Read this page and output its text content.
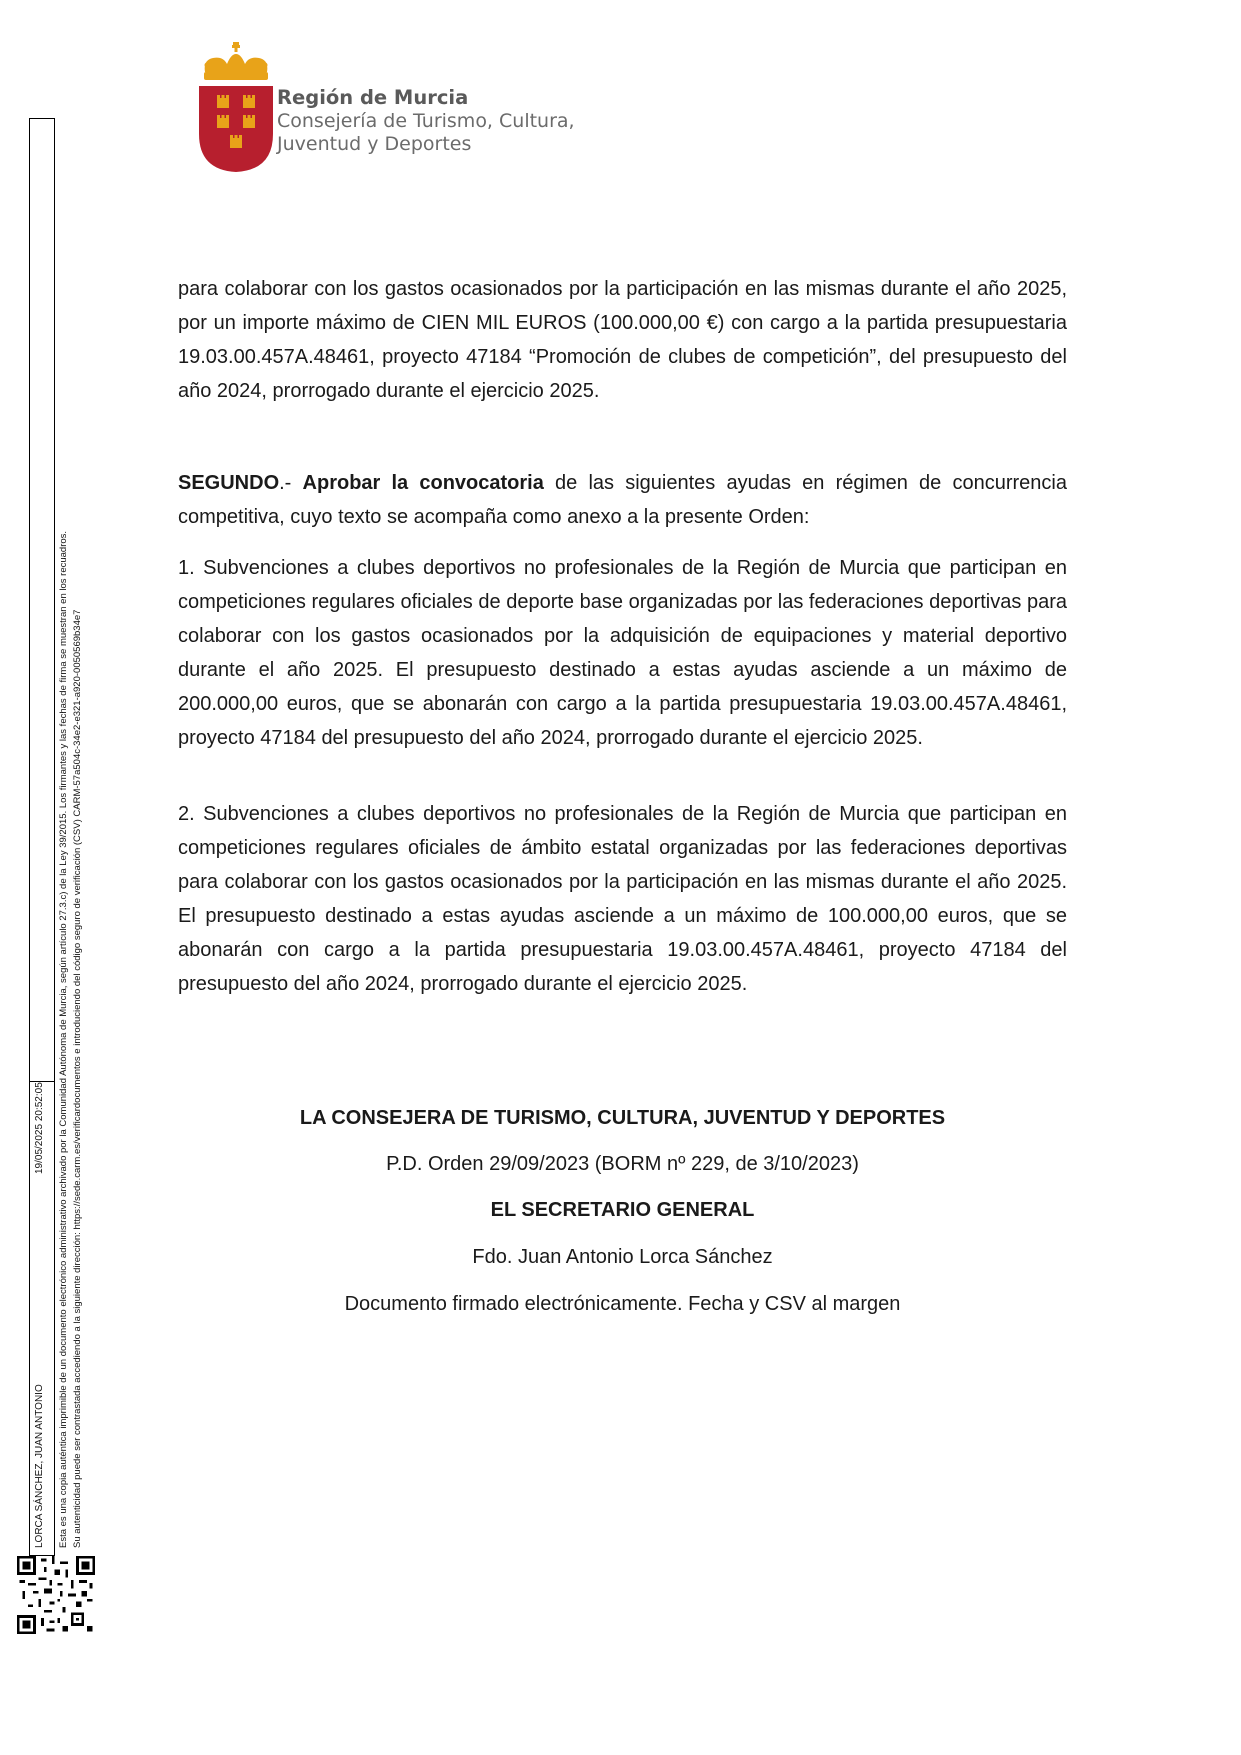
Región de Murcia
Consejería de Turismo, Cultura,
Juventud y Deportes

para colaborar con los gastos ocasionados por la participación en las mismas durante el año 2025, por un importe máximo de CIEN MIL EUROS (100.000,00 €) con cargo a la partida presupuestaria 19.03.00.457A.48461, proyecto 47184 “Promoción de clubes de competición”, del presupuesto del año 2024, prorrogado durante el ejercicio 2025.

SEGUNDO.- Aprobar la convocatoria de las siguientes ayudas en régimen de concurrencia competitiva, cuyo texto se acompaña como anexo a la presente Orden:

1. Subvenciones a clubes deportivos no profesionales de la Región de Murcia que participan en competiciones regulares oficiales de deporte base organizadas por las federaciones deportivas para colaborar con los gastos ocasionados por la adquisición de equipaciones y material deportivo durante el año 2025. El presupuesto destinado a estas ayudas asciende a un máximo de 200.000,00 euros, que se abonarán con cargo a la partida presupuestaria 19.03.00.457A.48461, proyecto 47184 del presupuesto del año 2024, prorrogado durante el ejercicio 2025.

2. Subvenciones a clubes deportivos no profesionales de la Región de Murcia que participan en competiciones regulares oficiales de ámbito estatal organizadas por las federaciones deportivas para colaborar con los gastos ocasionados por la participación en las mismas durante el año 2025. El presupuesto destinado a estas ayudas asciende a un máximo de 100.000,00 euros, que se abonarán con cargo a la partida presupuestaria 19.03.00.457A.48461, proyecto 47184 del presupuesto del año 2024, prorrogado durante el ejercicio 2025.

LA CONSEJERA DE TURISMO, CULTURA, JUVENTUD Y DEPORTES
P.D. Orden 29/09/2023 (BORM nº 229, de 3/10/2023)
EL SECRETARIO GENERAL
Fdo. Juan Antonio Lorca Sánchez
Documento firmado electrónicamente. Fecha y CSV al margen
LORCA SÁNCHEZ, JUAN ANTONIO
19/05/2025 20:52:05 Esta es una copia auténtica imprimible de un documento electrónico administrativo archivado por la Comunidad Autónoma de Murcia, según artículo 27.3.c) de la Ley 39/2015. Los firmantes y las fechas de firma se muestran en los recuadros. Su autenticidad puede ser contrastada accediendo a la siguiente dirección: https://sede.carm.es/verificardocumentos e introduciendo del código seguro de verificación (CSV) CARM-57a504c-34e2-e321-a920-0050569b34e7
